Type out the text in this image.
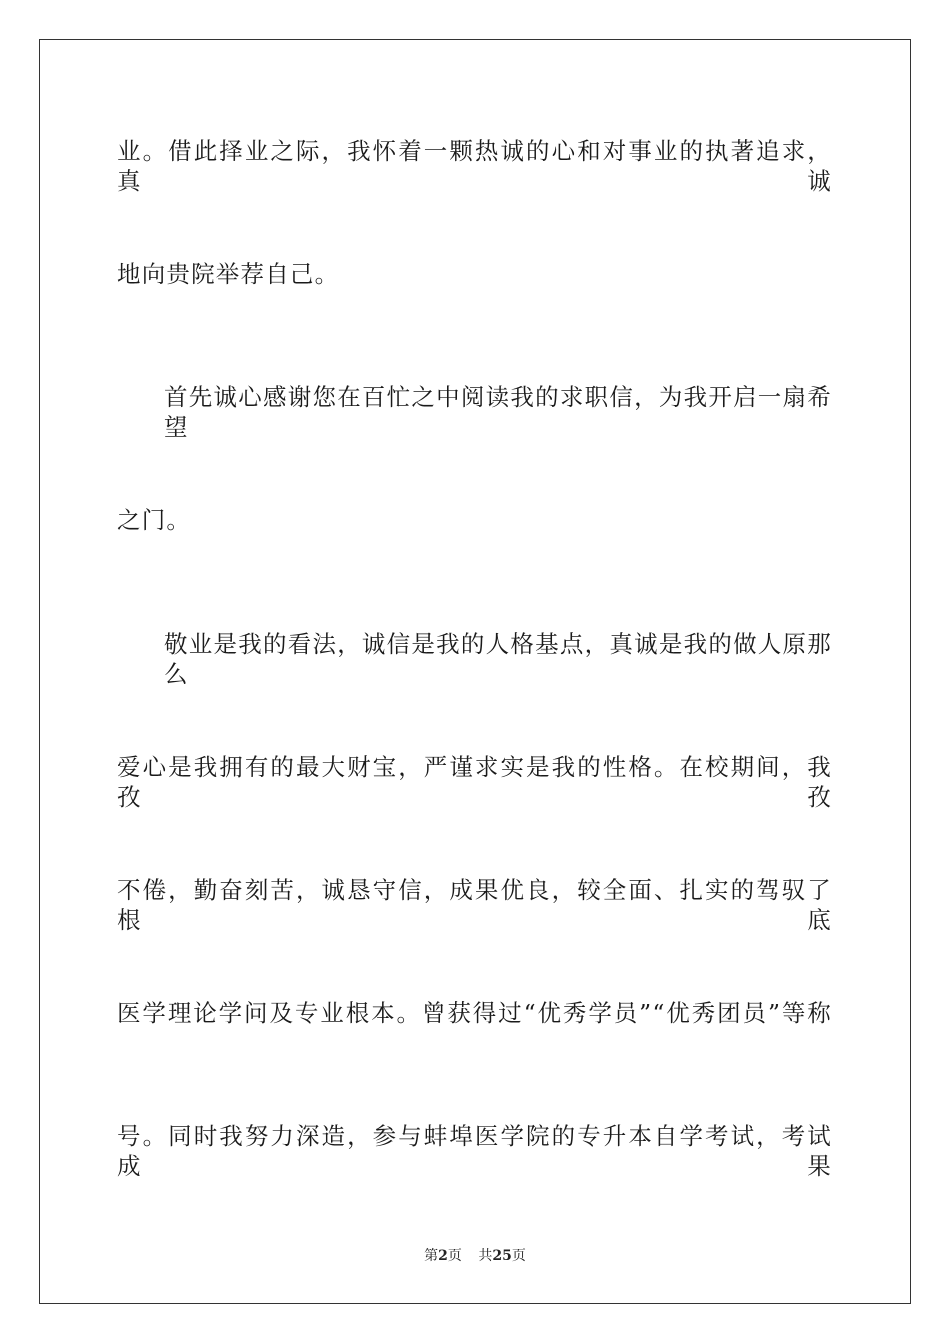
业。借此择业之际，我怀着一颗热诚的心和对事业的执著追求，真诚
地向贵院举荐自己。
首先诚心感谢您在百忙之中阅读我的求职信，为我开启一扇希望
之门。
敬业是我的看法，诚信是我的人格基点，真诚是我的做人原那么
爱心是我拥有的最大财宝，严谨求实是我的性格。在校期间，我孜孜
不倦，勤奋刻苦，诚恳守信，成果优良，较全面、扎实的驾驭了根底
医学理论学问及专业根本。曾获得过“优秀学员”“优秀团员”等称
号。同时我努力深造，参与蚌埠医学院的专升本自学考试，考试成果
第2页 共25页
